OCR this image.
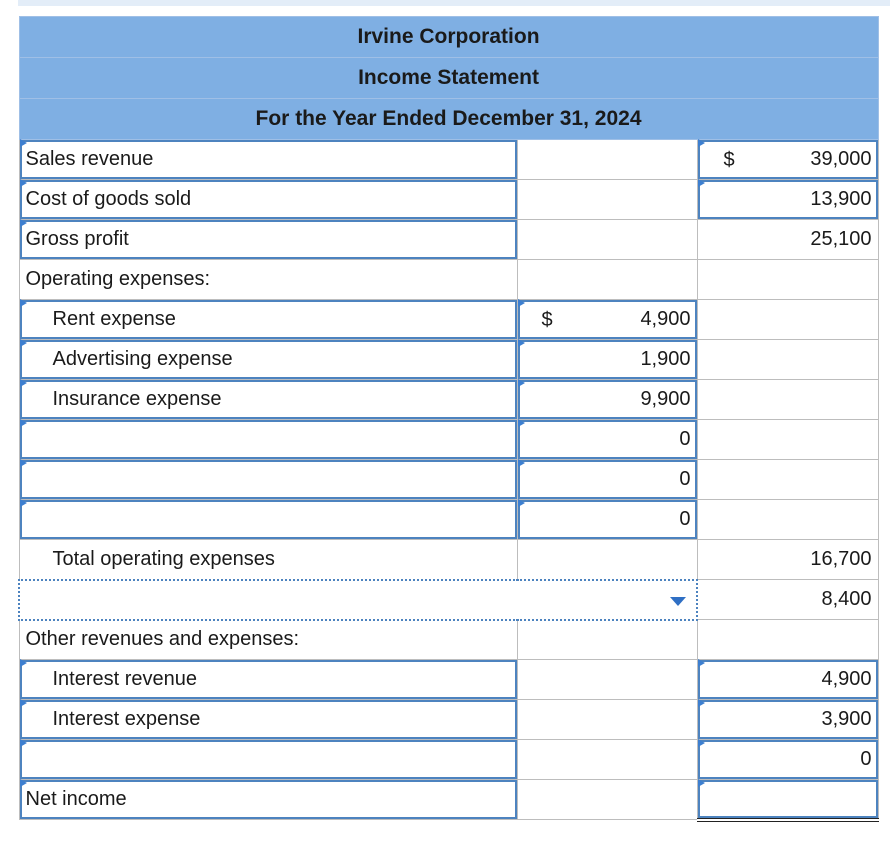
Irvine Corporation		
Income Statement		
For the Year Ended December 31, 2024		
Sales revenue		$ 39,000
Cost of goods sold		13,900
Gross profit		25,100
Operating expenses:		
Rent expense	$ 4,900	
Advertising expense	1,900	
Insurance expense	9,900	
	0	
	0	
	0	
Total operating expenses		16,700

		8,400
Other revenues and expenses:		
Interest revenue		4,900
Interest expense		3,900
		0
Net income		
